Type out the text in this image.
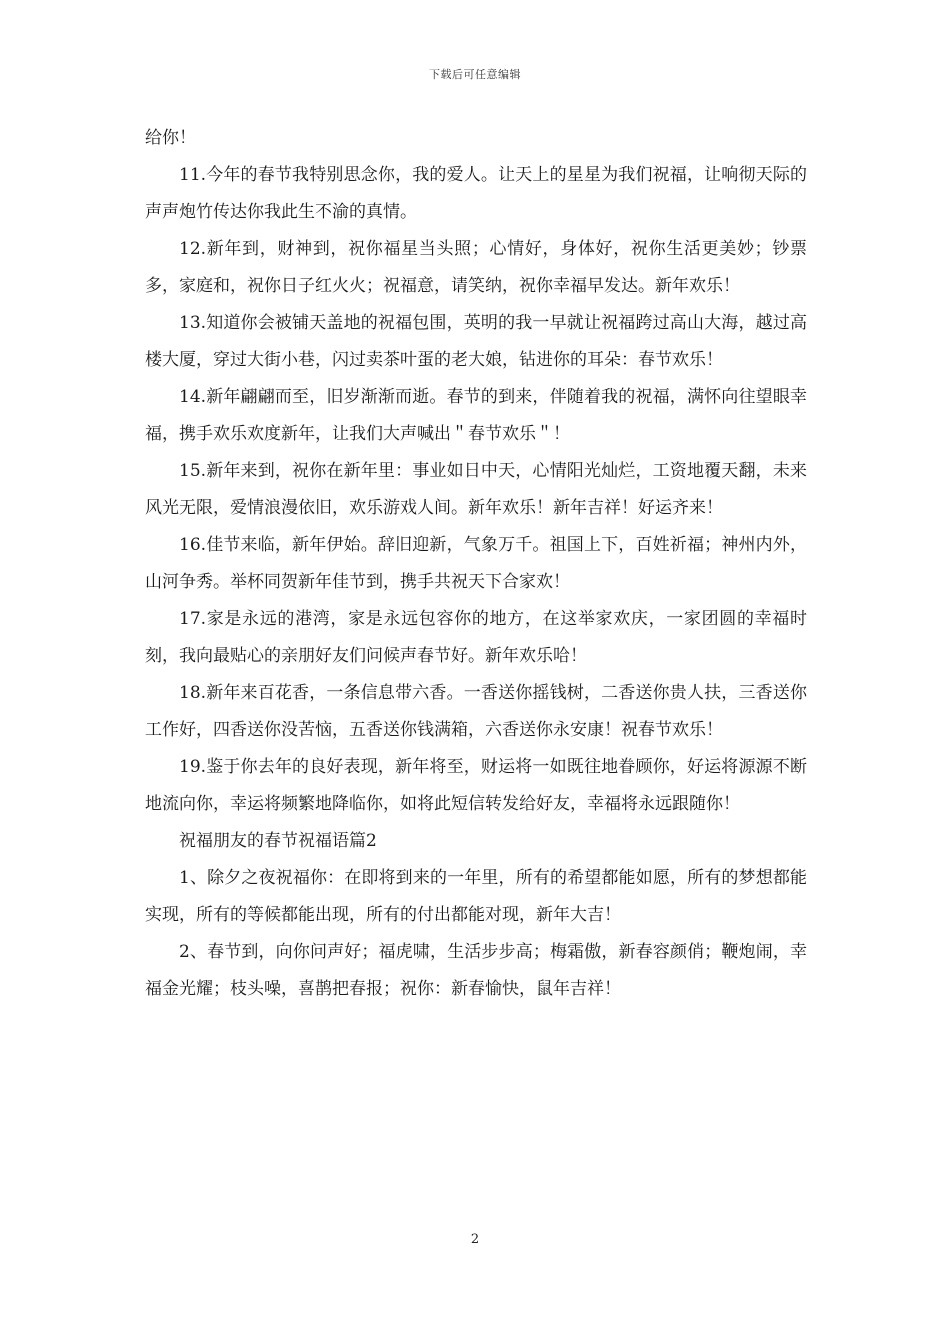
下载后可任意编辑

给你！

11.今年的春节我特别思念你，我的爱人。让天上的星星为我们祝福，让响彻天际的声声炮竹传达你我此生不渝的真情。

12.新年到，财神到，祝你福星当头照；心情好，身体好，祝你生活更美妙；钞票多，家庭和，祝你日子红火火；祝福意，请笑纳，祝你幸福早发达。新年欢乐！

13.知道你会被铺天盖地的祝福包围，英明的我一早就让祝福跨过高山大海，越过高楼大厦，穿过大街小巷，闪过卖茶叶蛋的老大娘，钻进你的耳朵：春节欢乐！

14.新年翩翩而至，旧岁渐渐而逝。春节的到来，伴随着我的祝福，满怀向往望眼幸福，携手欢乐欢度新年，让我们大声喊出＂春节欢乐＂！

15.新年来到，祝你在新年里：事业如日中天，心情阳光灿烂，工资地覆天翻，未来风光无限，爱情浪漫依旧，欢乐游戏人间。新年欢乐！新年吉祥！好运齐来！

16.佳节来临，新年伊始。辞旧迎新，气象万千。祖国上下，百姓祈福；神州内外，山河争秀。举杯同贺新年佳节到，携手共祝天下合家欢！

17.家是永远的港湾，家是永远包容你的地方，在这举家欢庆，一家团圆的幸福时刻，我向最贴心的亲朋好友们问候声春节好。新年欢乐哈！

18.新年来百花香，一条信息带六香。一香送你摇钱树，二香送你贵人扶，三香送你工作好，四香送你没苦恼，五香送你钱满箱，六香送你永安康！祝春节欢乐！

19.鉴于你去年的良好表现，新年将至，财运将一如既往地眷顾你，好运将源源不断地流向你，幸运将频繁地降临你，如将此短信转发给好友，幸福将永远跟随你！

祝福朋友的春节祝福语篇2

1、除夕之夜祝福你：在即将到来的一年里，所有的希望都能如愿，所有的梦想都能实现，所有的等候都能出现，所有的付出都能对现，新年大吉！

2、春节到，向你问声好；福虎啸，生活步步高；梅霜傲，新春容颜俏；鞭炮闹，幸福金光耀；枝头噪，喜鹊把春报；祝你：新春愉快，鼠年吉祥！

2
